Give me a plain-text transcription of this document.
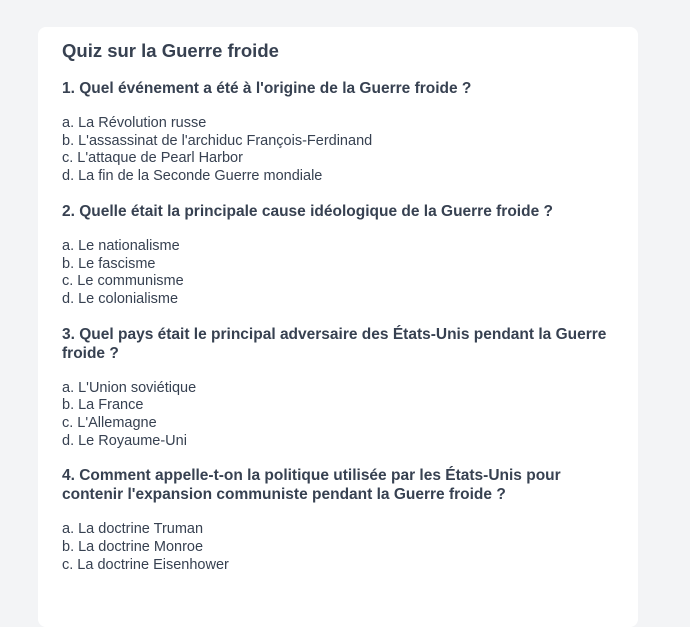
Quiz sur la Guerre froide
1. Quel événement a été à l'origine de la Guerre froide ?
a. La Révolution russe
b. L'assassinat de l'archiduc François-Ferdinand
c. L'attaque de Pearl Harbor
d. La fin de la Seconde Guerre mondiale
2. Quelle était la principale cause idéologique de la Guerre froide ?
a. Le nationalisme
b. Le fascisme
c. Le communisme
d. Le colonialisme
3. Quel pays était le principal adversaire des États-Unis pendant la Guerre froide ?
a. L'Union soviétique
b. La France
c. L'Allemagne
d. Le Royaume-Uni
4. Comment appelle-t-on la politique utilisée par les États-Unis pour contenir l'expansion communiste pendant la Guerre froide ?
a. La doctrine Truman
b. La doctrine Monroe
c. La doctrine Eisenhower
